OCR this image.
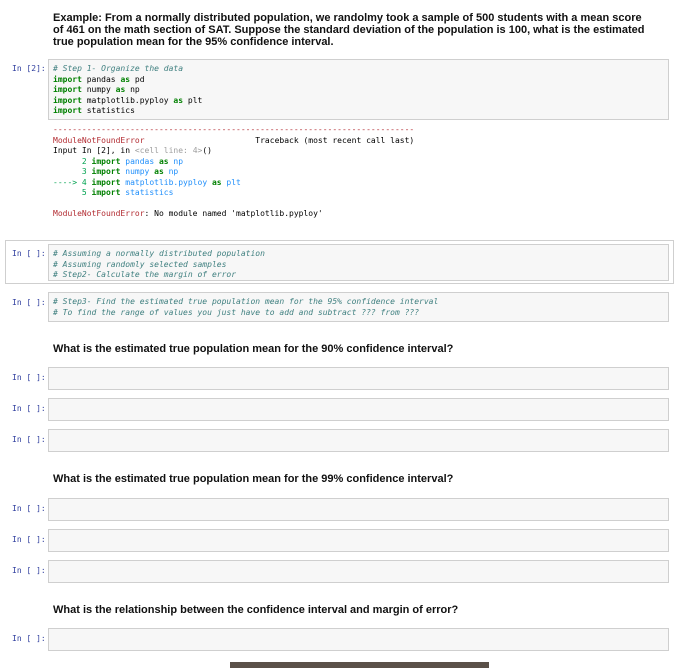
Example: From a normally distributed population, we randolmy took a sample of 500 students with a mean score
of 461 on the math section of SAT. Suppose the standard deviation of the population is 100, what is the estimated
true population mean for the 95% confidence interval.
In [2]: # Step 1- Organize the data
import pandas as pd
import numpy as np
import matplotlib.pyploy as plt
import statistics
---------------------------------------------------------------------------
ModuleNotFoundError	Traceback (most recent call last)
Input In [2], in <cell line: 4>()
2 import pandas as np
3 import numpy as np
----> 4 import matplotlib.pyploy as plt
5 import statistics

ModuleNotFoundError: No module named 'matplotlib.pyploy'
In [ ]: # Assuming a normally distributed population
# Assuming randomly selected samples
# Step2- Calculate the margin of error
In [ ]: # Step3- Find the estimated true population mean for the 95% confidence interval
# To find the range of values you just have to add and subtract ??? from ???
What is the estimated true population mean for the 90% confidence interval?
In [ ]:
In [ ]:
In [ ]:
What is the estimated true population mean for the 99% confidence interval?
In [ ]:
In [ ]:
In [ ]:
What is the relationship between the confidence interval and margin of error?
In [ ]:
